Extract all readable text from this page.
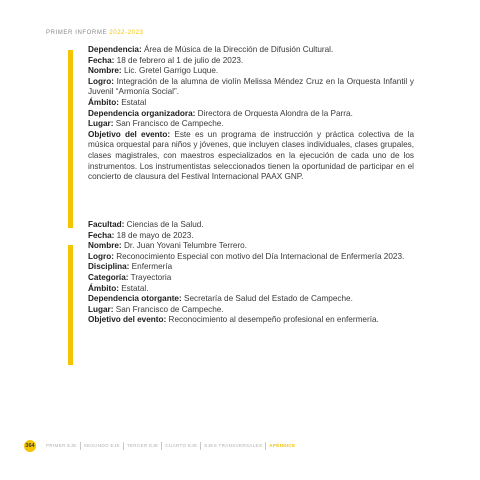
PRIMER INFORME 2022-2023

Dependencia: Área de Música de la Dirección de Difusión Cultural.

Fecha: 18 de febrero al 1 de julio de 2023.

Nombre: Lic. Gretel Garrigo Luque.

Logro: Integración de la alumna de violín Melissa Méndez Cruz en la Orquesta Infantil y Juvenil “Armonía Social”.

Ámbito: Estatal

Dependencia organizadora: Directora de Orquesta Alondra de la Parra.

Lugar: San Francisco de Campeche.

Objetivo del evento: Este es un programa de instrucción y práctica colectiva de la música orquestal para niños y jóvenes, que incluyen clases individuales, clases grupales, clases magistrales, con maestros especializados en la ejecución de cada uno de los instrumentos. Los instrumentistas seleccionados tienen la oportunidad de participar en el concierto de clausura del Festival Internacional PAAX GNP.

Facultad: Ciencias de la Salud.

Fecha: 18 de mayo de 2023.

Nombre: Dr. Juan Yovani Telumbre Terrero.

Logro: Reconocimiento Especial con motivo del Día Internacional de Enfermería 2023.

Disciplina: Enfermería

Categoría: Trayectoria

Ámbito: Estatal.

Dependencia otorgante: Secretaría de Salud del Estado de Campeche.

Lugar: San Francisco de Campeche.

Objetivo del evento: Reconocimiento al desempeño profesional en enfermería.

364	PRIMER EJE	SEGUNDO EJE	TERCER EJE	CUARTO EJE	EJES TRANSVERSALES	APÉNDICE
